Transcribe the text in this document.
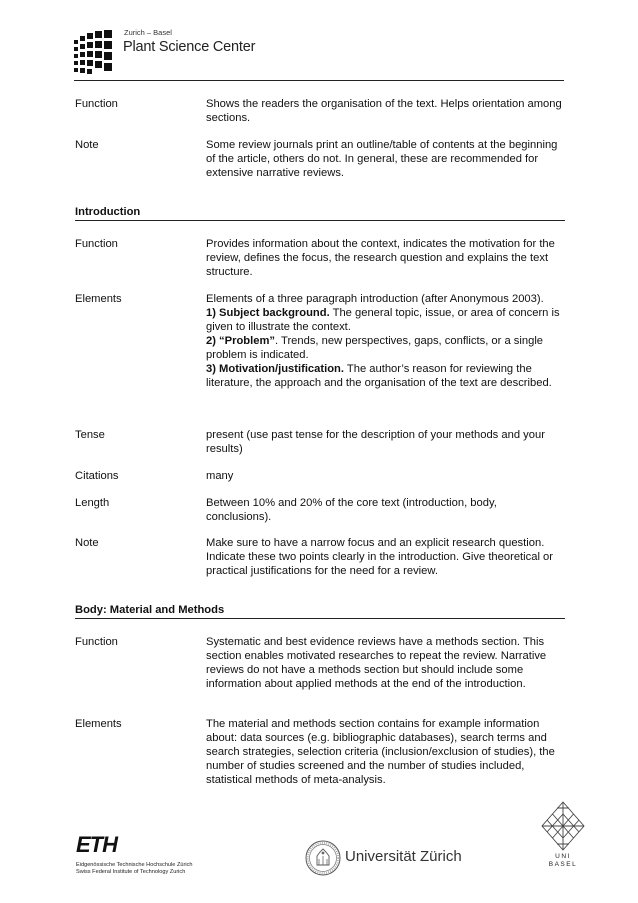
Zurich – Basel
Plant Science Center
Function	Shows the readers the organisation of the text. Helps orientation among sections.
Note	Some review journals print an outline/table of contents at the beginning of the article, others do not. In general, these are recommended for extensive narrative reviews.
Introduction
Function	Provides information about the context, indicates the motivation for the review, defines the focus, the research question and explains the text structure.
Elements	Elements of a three paragraph introduction (after Anonymous 2003).
1) Subject background. The general topic, issue, or area of concern is given to illustrate the context.
2) “Problem”. Trends, new perspectives, gaps, conflicts, or a single problem is indicated.
3) Motivation/justification. The author’s reason for reviewing the literature, the approach and the organisation of the text are described.
Tense	present (use past tense for the description of your methods and your results)
Citations	many
Length	Between 10% and 20% of the core text (introduction, body, conclusions).
Note	Make sure to have a narrow focus and an explicit research question. Indicate these two points clearly in the introduction. Give theoretical or practical justifications for the need for a review.
Body: Material and Methods
Function	Systematic and best evidence reviews have a methods section. This section enables motivated researches to repeat the review. Narrative reviews do not have a methods section but should include some information about applied methods at the end of the introduction.
Elements	The material and methods section contains for example information about: data sources (e.g. bibliographic databases), search terms and search strategies, selection criteria (inclusion/exclusion of studies), the number of studies screened and the number of studies included, statistical methods of meta-analysis.
ETH
Eidgenössische Technische Hochschule Zürich
Swiss Federal Institute of Technology Zurich
Universität Zürich	UNI
BASEL
